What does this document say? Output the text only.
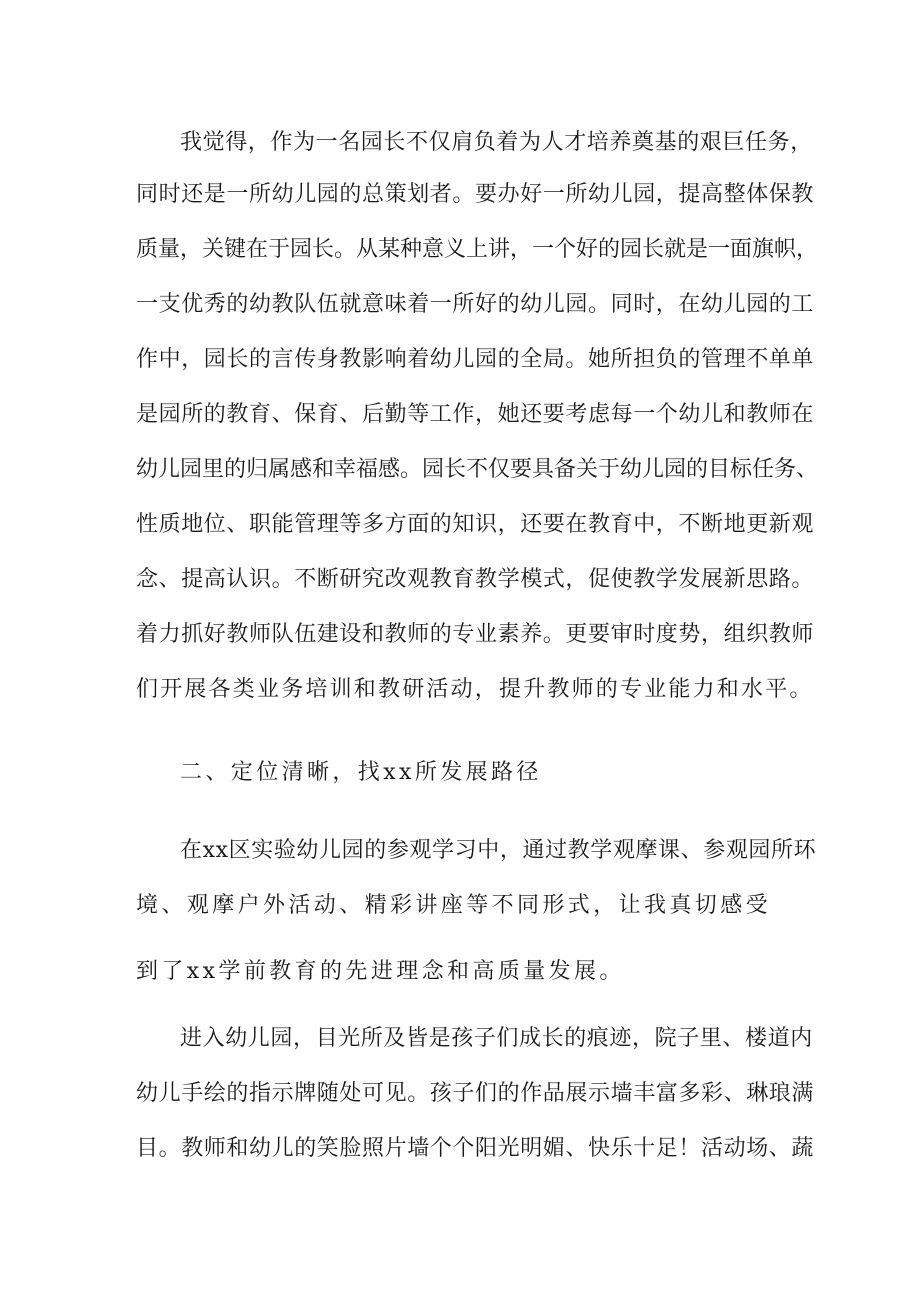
我觉得，作为一名园长不仅肩负着为人才培养奠基的艰巨任务，
同时还是一所幼儿园的总策划者。要办好一所幼儿园，提高整体保教
质量，关键在于园长。从某种意义上讲，一个好的园长就是一面旗帜，
一支优秀的幼教队伍就意味着一所好的幼儿园。同时，在幼儿园的工
作中，园长的言传身教影响着幼儿园的全局。她所担负的管理不单单
是园所的教育、保育、后勤等工作，她还要考虑每一个幼儿和教师在
幼儿园里的归属感和幸福感。园长不仅要具备关于幼儿园的目标任务、
性质地位、职能管理等多方面的知识，还要在教育中，不断地更新观
念、提高认识。不断研究改观教育教学模式，促使教学发展新思路。
着力抓好教师队伍建设和教师的专业素养。更要审时度势，组织教师
们开展各类业务培训和教研活动，提升教师的专业能力和水平。
二、定位清晰，找xx所发展路径
在xx区实验幼儿园的参观学习中，通过教学观摩课、参观园所环
境、观摩户外活动、精彩讲座等不同形式，让我真切感受
到了xx学前教育的先进理念和高质量发展。
进入幼儿园，目光所及皆是孩子们成长的痕迹，院子里、楼道内
幼儿手绘的指示牌随处可见。孩子们的作品展示墙丰富多彩、琳琅满
目。教师和幼儿的笑脸照片墙个个阳光明媚、快乐十足！活动场、蔬
